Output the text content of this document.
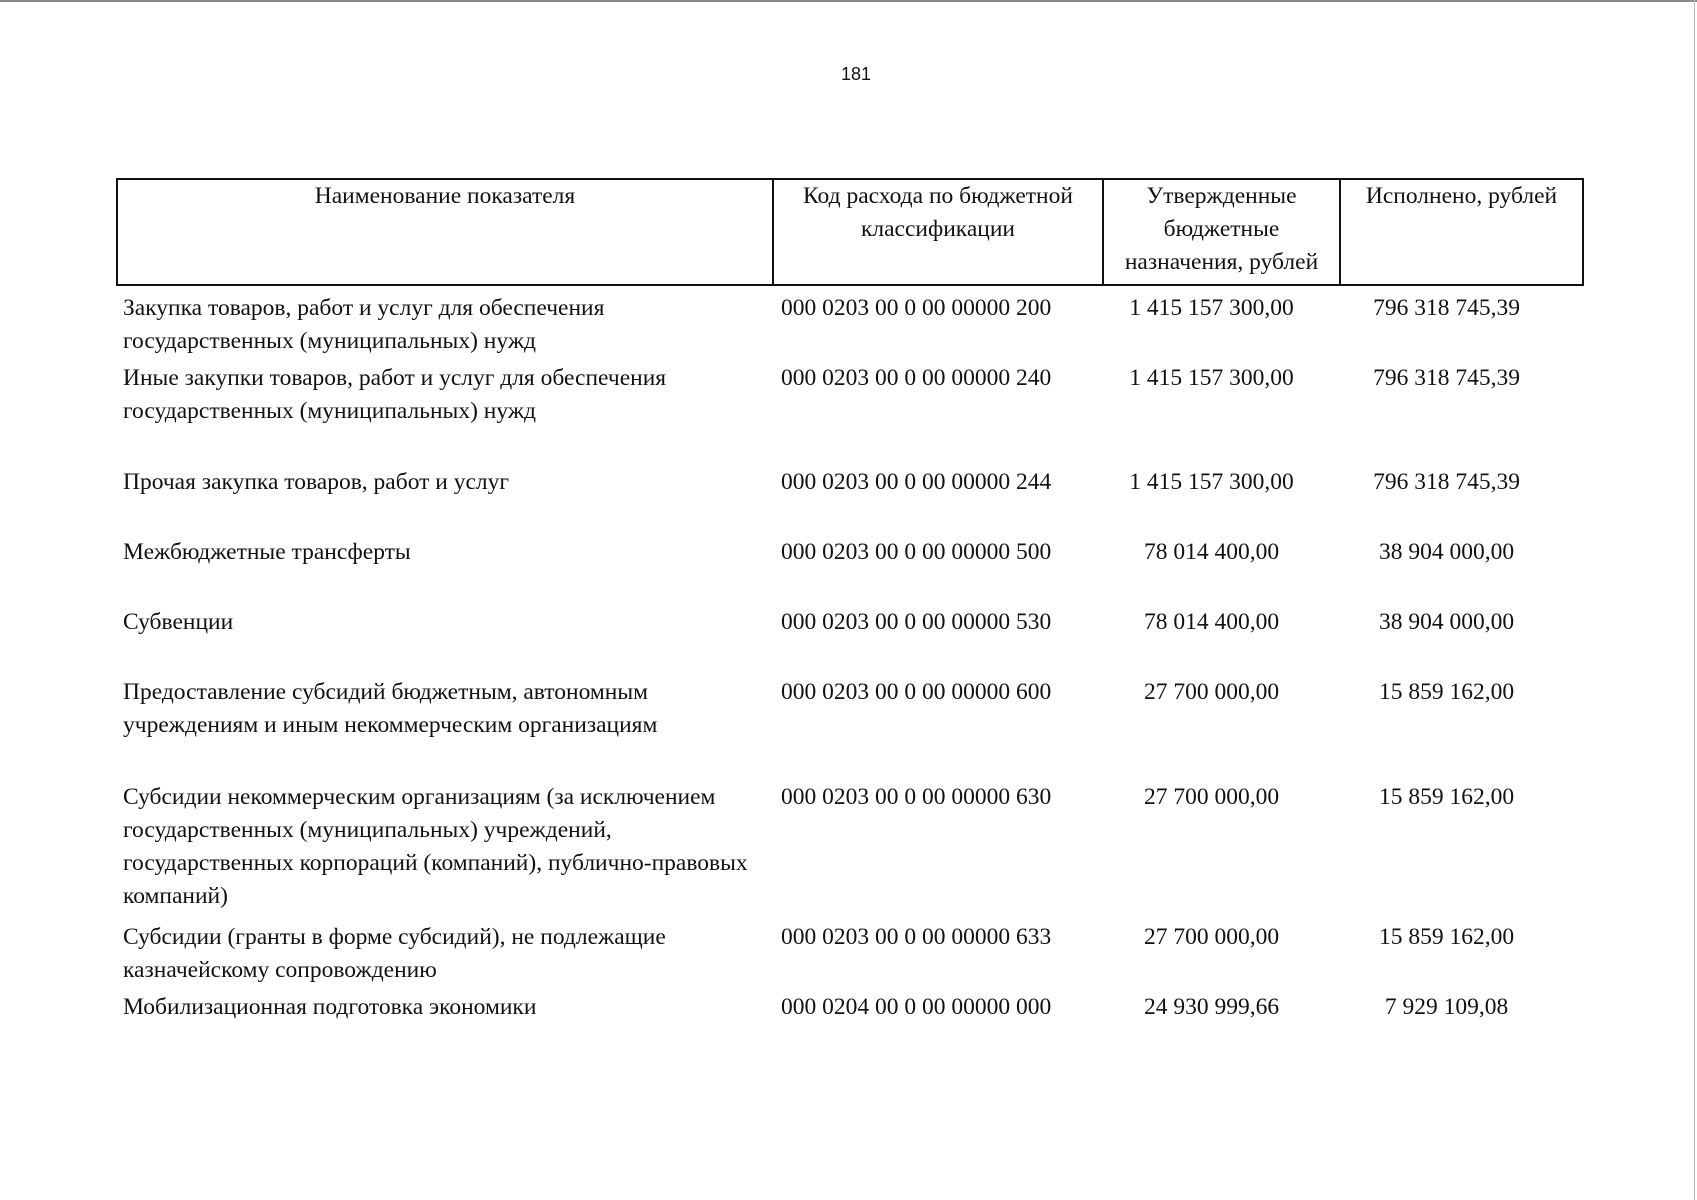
181
Наименование показателя	Код расхода по бюджетной классификации	Утвержденные бюджетные назначения, рублей	Исполнено, рублей
Закупка товаров, работ и услуг для обеспечения государственных (муниципальных) нужд	000 0203 00 0 00 00000 200	1 415 157 300,00	796 318 745,39
Иные закупки товаров, работ и услуг для обеспечения государственных (муниципальных) нужд	000 0203 00 0 00 00000 240	1 415 157 300,00	796 318 745,39
Прочая закупка товаров, работ и услуг	000 0203 00 0 00 00000 244	1 415 157 300,00	796 318 745,39
Межбюджетные трансферты	000 0203 00 0 00 00000 500	78 014 400,00	38 904 000,00
Субвенции	000 0203 00 0 00 00000 530	78 014 400,00	38 904 000,00
Предоставление субсидий бюджетным, автономным учреждениям и иным некоммерческим организациям	000 0203 00 0 00 00000 600	27 700 000,00	15 859 162,00
Субсидии некоммерческим организациям (за исключением государственных (муниципальных) учреждений, государственных корпораций (компаний), публично-правовых компаний)	000 0203 00 0 00 00000 630	27 700 000,00	15 859 162,00
Субсидии (гранты в форме субсидий), не подлежащие казначейскому сопровождению	000 0203 00 0 00 00000 633	27 700 000,00	15 859 162,00
Мобилизационная подготовка экономики	000 0204 00 0 00 00000 000	24 930 999,66	7 929 109,08
